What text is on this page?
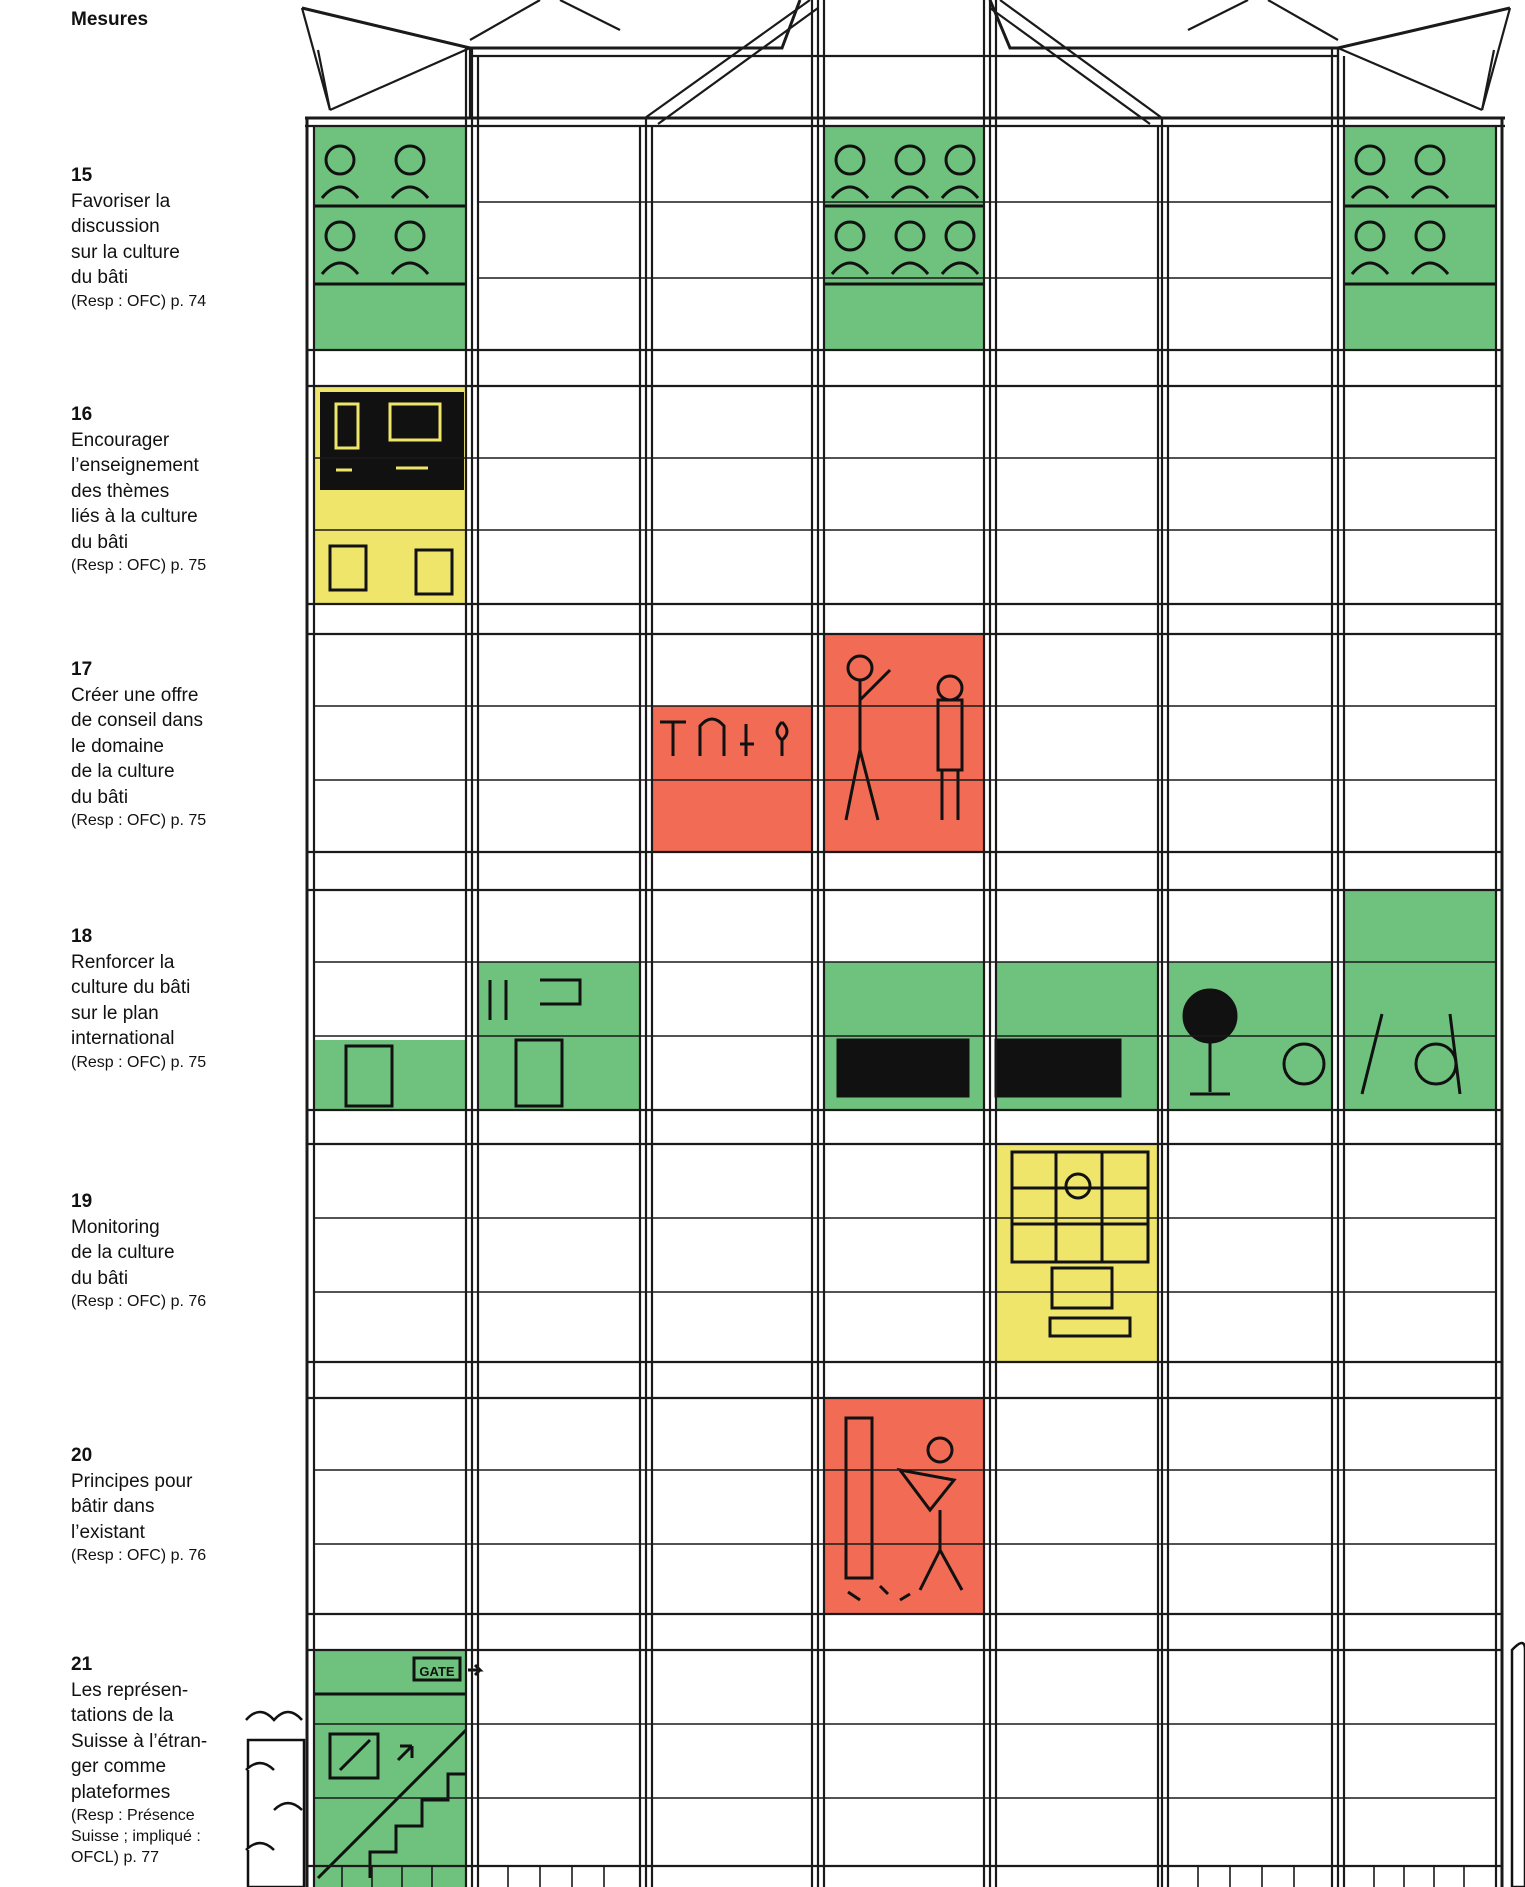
Mesures
15
Favoriser la
discussion
sur la culture
du bâti
(Resp : OFC) p. 74
16
Encourager
l’enseignement
des thèmes
liés à la culture
du bâti
(Resp : OFC) p. 75
17
Créer une offre
de conseil dans
le domaine
de la culture
du bâti
(Resp : OFC) p. 75
18
Renforcer la
culture du bâti
sur le plan
international
(Resp : OFC) p. 75
19
Monitoring
de la culture
du bâti
(Resp : OFC) p. 76
20
Principes pour
bâtir dans
l’existant
(Resp : OFC) p. 76
21
Les représen-
tations de la
Suisse à l’étran-
ger comme
plateformes
(Resp : Présence
Suisse ; impliqué :
OFCL) p. 77
GATE
